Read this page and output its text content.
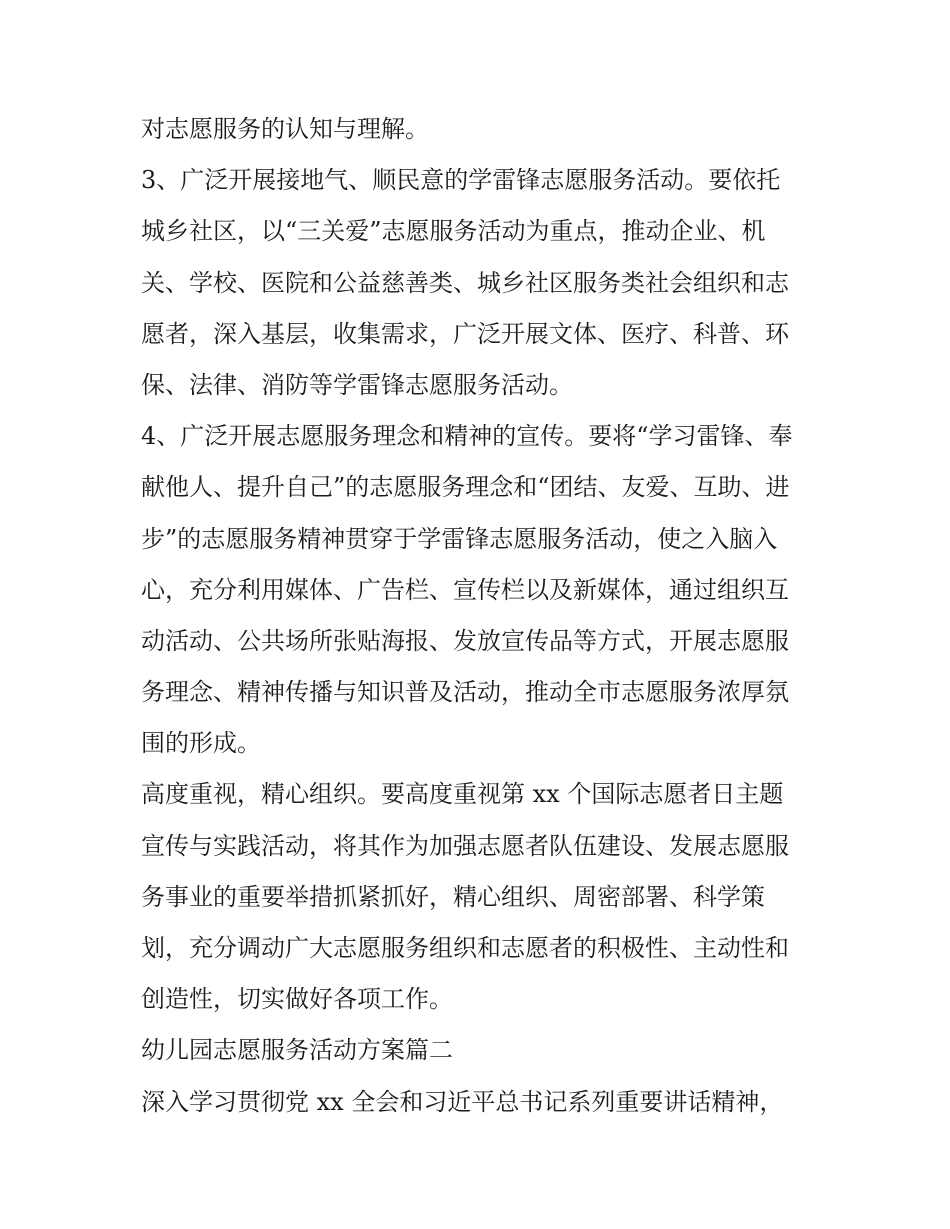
对志愿服务的认知与理解。
3、广泛开展接地气、顺民意的学雷锋志愿服务活动。要依托
城乡社区，以“三关爱”志愿服务活动为重点，推动企业、机
关、学校、医院和公益慈善类、城乡社区服务类社会组织和志
愿者，深入基层，收集需求，广泛开展文体、医疗、科普、环
保、法律、消防等学雷锋志愿服务活动。
4、广泛开展志愿服务理念和精神的宣传。要将“学习雷锋、奉
献他人、提升自己”的志愿服务理念和“团结、友爱、互助、进
步”的志愿服务精神贯穿于学雷锋志愿服务活动，使之入脑入
心，充分利用媒体、广告栏、宣传栏以及新媒体，通过组织互
动活动、公共场所张贴海报、发放宣传品等方式，开展志愿服
务理念、精神传播与知识普及活动，推动全市志愿服务浓厚氛
围的形成。
高度重视，精心组织。要高度重视第 xx 个国际志愿者日主题
宣传与实践活动，将其作为加强志愿者队伍建设、发展志愿服
务事业的重要举措抓紧抓好，精心组织、周密部署、科学策
划，充分调动广大志愿服务组织和志愿者的积极性、主动性和
创造性，切实做好各项工作。
幼儿园志愿服务活动方案篇二
深入学习贯彻党 xx 全会和习近平总书记系列重要讲话精神，
